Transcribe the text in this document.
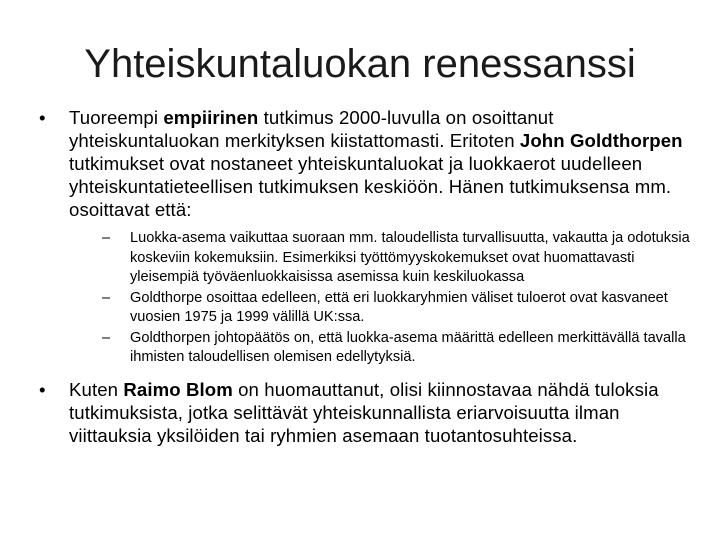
Yhteiskuntaluokan renessanssi
• Tuoreempi empiirinen tutkimus 2000-luvulla on osoittanut yhteiskuntaluokan merkityksen kiistattomasti. Eritoten John Goldthorpen tutkimukset ovat nostaneet yhteiskuntaluokat ja luokkaerot uudelleen yhteiskuntatieteellisen tutkimuksen keskiöön. Hänen tutkimuksensa mm. osoittavat että:
– Luokka-asema vaikuttaa suoraan mm. taloudellista turvallisuutta, vakautta ja odotuksia koskeviin kokemuksiin. Esimerkiksi työttömyyskokemukset ovat huomattavasti yleisempiä työväenluokkaisissa asemissa kuin keskiluokassa
– Goldthorpe osoittaa edelleen, että eri luokkaryhmien väliset tuloerot ovat kasvaneet vuosien 1975 ja 1999 välillä UK:ssa.
– Goldthorpen johtopäätös on, että luokka-asema määrittä edelleen merkittävällä tavalla ihmisten taloudellisen olemisen edellytyksiä.
• Kuten Raimo Blom on huomauttanut, olisi kiinnostavaa nähdä tuloksia tutkimuksista, jotka selittävät yhteiskunnallista eriarvoisuutta ilman viittauksia yksilöiden tai ryhmien asemaan tuotantosuhteissa.
